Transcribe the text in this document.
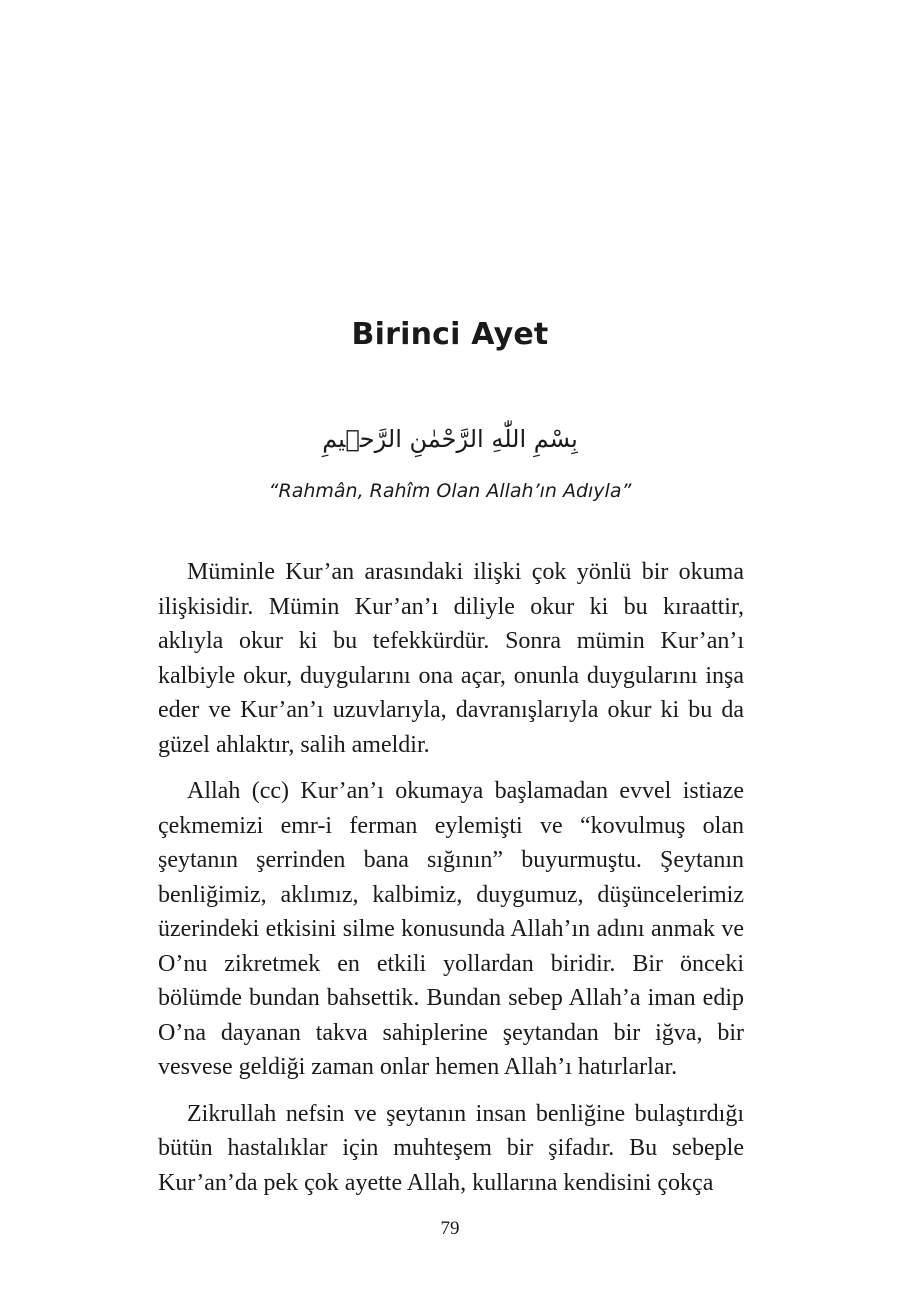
Birinci Ayet
بِسْمِ اللّٰهِ الرَّحْمٰنِ الرَّح۪يمِ
“Rahmân, Rahîm Olan Allah’ın Adıyla”

Müminle Kur’an arasındaki ilişki çok yönlü bir okuma ilişkisidir. Mümin Kur’an’ı diliyle okur ki bu kıraattir, aklıyla okur ki bu tefekkürdür. Sonra mümin Kur’an’ı kalbiyle okur, duygularını ona açar, onunla duygularını inşa eder ve Kur’an’ı uzuvlarıyla, davranışlarıyla okur ki bu da güzel ahlaktır, salih ameldir.

Allah (cc) Kur’an’ı okumaya başlamadan evvel istiaze çekmemizi emr-i ferman eylemişti ve “kovulmuş olan şeytanın şerrinden bana sığının” buyurmuştu. Şeytanın benliğimiz, aklımız, kalbimiz, duygumuz, düşüncelerimiz üzerindeki etkisini silme konusunda Allah’ın adını anmak ve O’nu zikretmek en etkili yollardan biridir. Bir önceki bölümde bundan bahsettik. Bundan sebep Allah’a iman edip O’na dayanan takva sahiplerine şeytandan bir iğva, bir vesvese geldiği zaman onlar hemen Allah’ı hatırlarlar.

Zikrullah nefsin ve şeytanın insan benliğine bulaştırdığı bütün hastalıklar için muhteşem bir şifadır. Bu sebeple Kur’an’da pek çok ayette Allah, kullarına kendisini çokça

79
